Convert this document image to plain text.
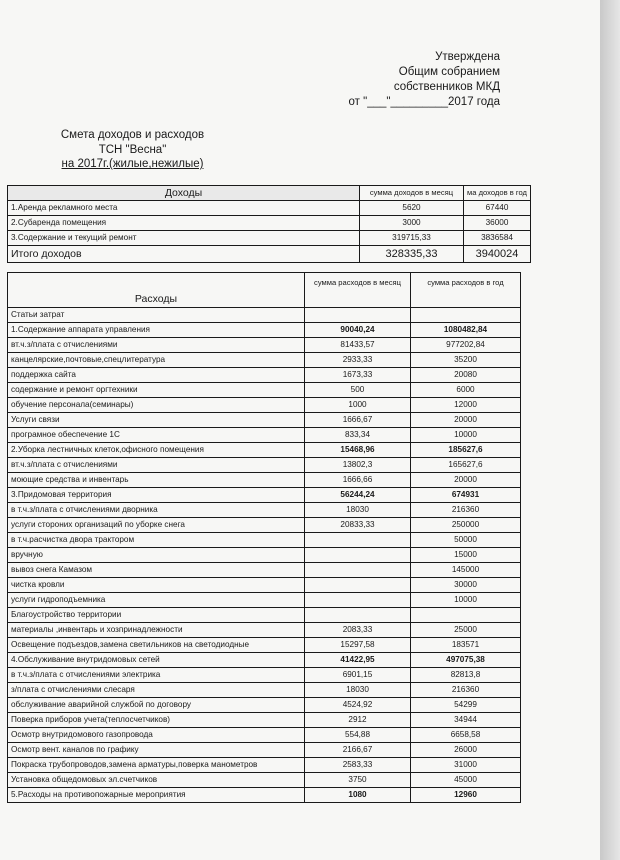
Утверждена
Общим собранием
собственников МКД
от "___"_________2017 года
Смета доходов и расходов
ТСН "Весна"
на 2017г.(жилые,нежилые)
Доходы	сумма доходов в месяц	ма доходов в год
1.Аренда рекламного места	5620	67440
2.Субаренда помещения	3000	36000
3.Содержание и текущий ремонт	319715,33	3836584
Итого доходов	328335,33	3940024
Расходы	сумма расходов в месяц	сумма расходов в год
Статьи затрат		
1.Содержание аппарата управления	90040,24	1080482,84
вт.ч.з/плата с отчислениями	81433,57	977202,84
канцелярские,почтовые,спецлитература	2933,33	35200
поддержка сайта	1673,33	20080
содержание и ремонт оргтехники	500	6000
обучение персонала(семинары)	1000	12000
Услуги связи	1666,67	20000
програмное обеспечение 1С	833,34	10000
2.Уборка лестничных клеток,офисного помещения	15468,96	185627,6
вт.ч.з/плата с отчислениями	13802,3	165627,6
моющие средства и инвентарь	1666,66	20000
3.Придомовая территория	56244,24	674931
в т.ч.з/плата с отчислениями дворника	18030	216360
услуги стороних организаций по уборке снега	20833,33	250000
в т.ч.расчистка двора трактором		50000
вручную		15000
вывоз снега Камазом		145000
чистка кровли		30000
услуги гидроподъемника		10000
Благоустройство территории		
материалы ,инвентарь и хозпринадлежности	2083,33	25000
Освещение подъездов,замена светильников на светодиодные	15297,58	183571
4.Обслуживание внутридомовых сетей	41422,95	497075,38
в т.ч.з/плата с отчислениями электрика	6901,15	82813,8
з/плата с отчислениями слесаря	18030	216360
обслуживание аварийной службой по договору	4524,92	54299
Поверка приборов учета(теплосчетчиков)	2912	34944
Осмотр внутридомового газопровода	554,88	6658,58
Осмотр вент. каналов по графику	2166,67	26000
Покраска трубопроводов,замена арматуры,поверка манометров	2583,33	31000
Установка общедомовых эл.счетчиков	3750	45000
5.Расходы на противопожарные мероприятия	1080	12960
